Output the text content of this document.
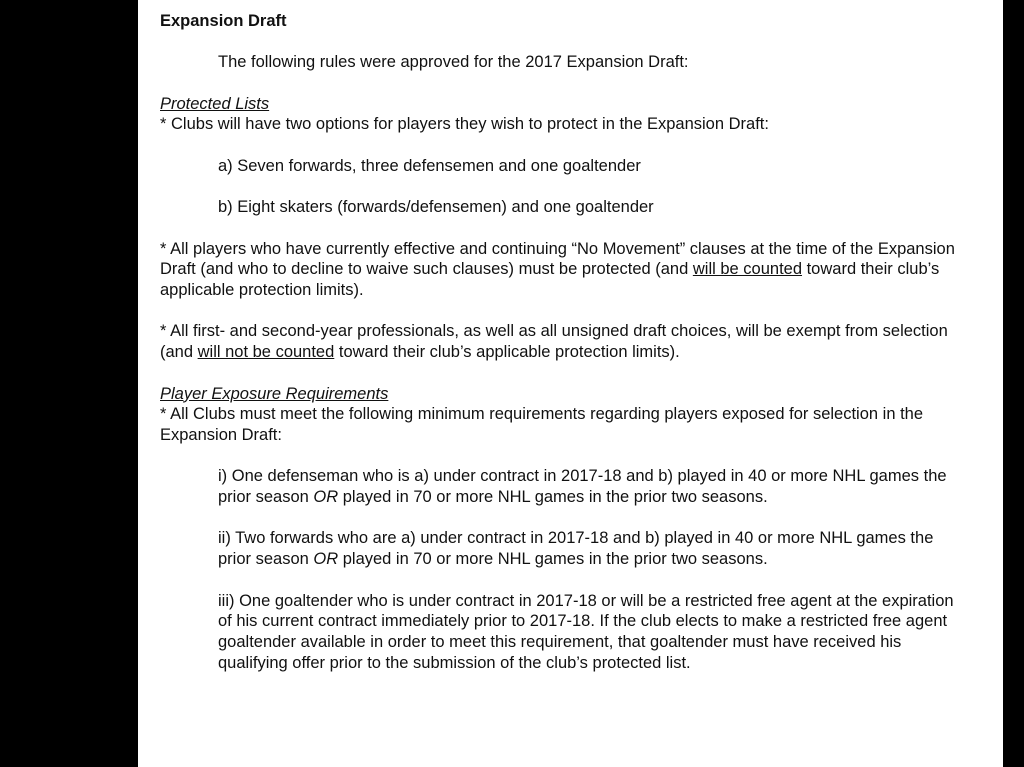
Expansion Draft

The following rules were approved for the 2017 Expansion Draft:

Protected Lists

* Clubs will have two options for players they wish to protect in the Expansion Draft:

a) Seven forwards, three defensemen and one goaltender

b) Eight skaters (forwards/defensemen) and one goaltender

* All players who have currently effective and continuing “No Movement” clauses at the time of the Expansion Draft (and who to decline to waive such clauses) must be protected (and will be counted toward their club’s applicable protection limits).

* All first- and second-year professionals, as well as all unsigned draft choices, will be exempt from selection (and will not be counted toward their club’s applicable protection limits).

Player Exposure Requirements

* All Clubs must meet the following minimum requirements regarding players exposed for selection in the Expansion Draft:

i) One defenseman who is a) under contract in 2017-18 and b) played in 40 or more NHL games the prior season OR played in 70 or more NHL games in the prior two seasons.

ii) Two forwards who are a) under contract in 2017-18 and b) played in 40 or more NHL games the prior season OR played in 70 or more NHL games in the prior two seasons.

iii) One goaltender who is under contract in 2017-18 or will be a restricted free agent at the expiration of his current contract immediately prior to 2017-18. If the club elects to make a restricted free agent goaltender available in order to meet this requirement, that goaltender must have received his qualifying offer prior to the submission of the club’s protected list.
